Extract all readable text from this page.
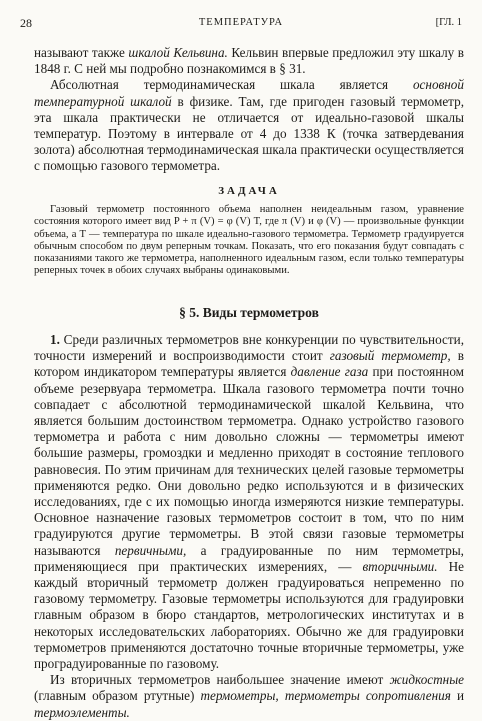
28	ТЕМПЕРАТУРА	[ГЛ. 1

называют также шкалой Кельвина. Кельвин впервые предложил эту шкалу в 1848 г. С ней мы подробно познакомимся в § 31.

Абсолютная термодинамическая шкала является основной температурной шкалой в физике. Там, где пригоден газовый термометр, эта шкала практически не отличается от идеально-газовой шкалы температур. Поэтому в интервале от 4 до 1338 К (точка затвердевания золота) абсолютная термодинамическая шкала практически осуществляется с помощью газового термометра.

ЗАДАЧА

Газовый термометр постоянного объема наполнен неидеальным газом, уравнение состояния которого имеет вид P + π (V) = φ (V) T, где π (V) и φ (V) — произвольные функции объема, а T — температура по шкале идеально-газового термометра. Термометр градуируется обычным способом по двум реперным точкам. Показать, что его показания будут совпадать с показаниями такого же термометра, наполненного идеальным газом, если только температуры реперных точек в обоих случаях выбраны одинаковыми.

§ 5. Виды термометров

1. Среди различных термометров вне конкуренции по чувствительности, точности измерений и воспроизводимости стоит газовый термометр, в котором индикатором температуры является давление газа при постоянном объеме резервуара термометра. Шкала газового термометра почти точно совпадает с абсолютной термодинамической шкалой Кельвина, что является большим достоинством термометра. Однако устройство газового термометра и работа с ним довольно сложны — термометры имеют большие размеры, громоздки и медленно приходят в состояние теплового равновесия. По этим причинам для технических целей газовые термометры применяются редко. Они довольно редко используются и в физических исследованиях, где с их помощью иногда измеряются низкие температуры. Основное назначение газовых термометров состоит в том, что по ним градуируются другие термометры. В этой связи газовые термометры называются первичными, а градуированные по ним термометры, применяющиеся при практических измерениях, — вторичными. Не каждый вторичный термометр должен градуироваться непременно по газовому термометру. Газовые термометры используются для градуировки главным образом в бюро стандартов, метрологических институтах и в некоторых исследовательских лабораториях. Обычно же для градуировки термометров применяются достаточно точные вторичные термометры, уже проградуированные по газовому.

Из вторичных термометров наибольшее значение имеют жидкостные (главным образом ртутные) термометры, термометры сопротивления и термоэлементы.
